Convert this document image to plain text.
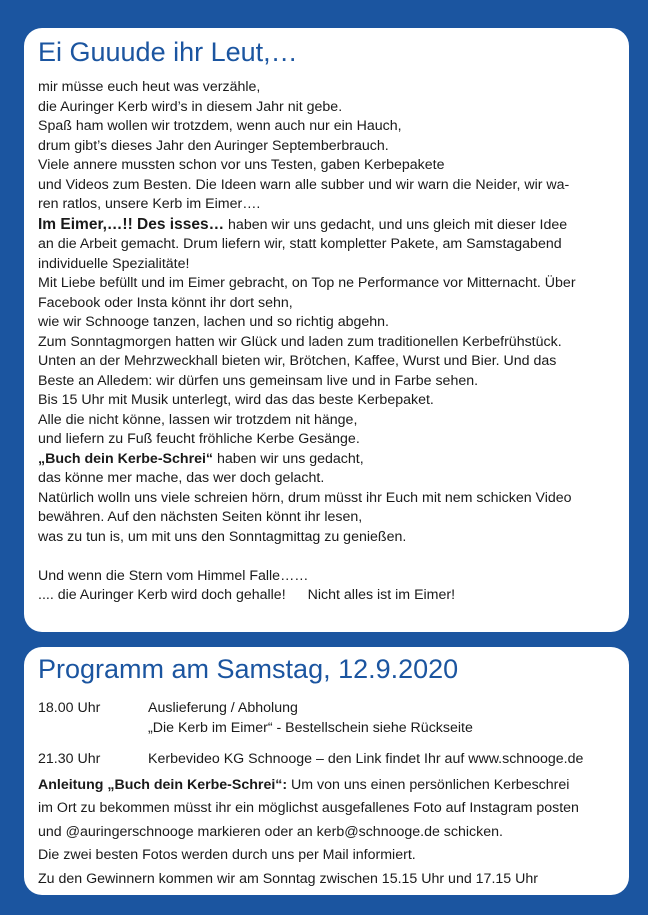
Ei Guuude ihr Leut,…
mir müsse euch heut was verzähle,
die Auringer Kerb wird’s in diesem Jahr nit gebe.
Spaß ham wollen wir trotzdem, wenn auch nur ein Hauch,
drum gibt’s dieses Jahr den Auringer Septemberbrauch.
Viele annere mussten schon vor uns Testen, gaben Kerbepakete
und Videos zum Besten. Die Ideen warn alle subber und wir warn die Neider, wir wa-
ren ratlos, unsere Kerb im Eimer….
Im Eimer,…!! Des isses… haben wir uns gedacht, und uns gleich mit dieser Idee
an die Arbeit gemacht. Drum liefern wir, statt kompletter Pakete, am Samstagabend
individuelle Spezialitäte!
Mit Liebe befüllt und im Eimer gebracht, on Top ne Performance vor Mitternacht. Über
Facebook oder Insta könnt ihr dort sehn,
wie wir Schnooge tanzen, lachen und so richtig abgehn.
Zum Sonntagmorgen hatten wir Glück und laden zum traditionellen Kerbefrühstück.
Unten an der Mehrzweckhall bieten wir, Brötchen, Kaffee, Wurst und Bier. Und das
Beste an Alledem: wir dürfen uns gemeinsam live und in Farbe sehen.
Bis 15 Uhr mit Musik unterlegt, wird das das beste Kerbepaket.
Alle die nicht könne, lassen wir trotzdem nit hänge,
und liefern zu Fuß feucht fröhliche Kerbe Gesänge.
„Buch dein Kerbe-Schrei“ haben wir uns gedacht,
das könne mer mache, das wer doch gelacht.
Natürlich wolln uns viele schreien hörn, drum müsst ihr Euch mit nem schicken Video
bewähren. Auf den nächsten Seiten könnt ihr lesen,
was zu tun is, um mit uns den Sonntagmittag zu genießen.
Und wenn die Stern vom Himmel Falle……
.... die Auringer Kerb wird doch gehalle! Nicht alles ist im Eimer!
Programm am Samstag, 12.9.2020
18.00 Uhr	Auslieferung / Abholung
„Die Kerb im Eimer“ - Bestellschein siehe Rückseite
21.30 Uhr	Kerbevideo KG Schnooge – den Link findet Ihr auf www.schnooge.de
Anleitung „Buch dein Kerbe-Schrei“: Um von uns einen persönlichen Kerbeschrei
im Ort zu bekommen müsst ihr ein möglichst ausgefallenes Foto auf Instagram posten
und @auringerschnooge markieren oder an kerb@schnooge.de schicken.
Die zwei besten Fotos werden durch uns per Mail informiert.
Zu den Gewinnern kommen wir am Sonntag zwischen 15.15 Uhr und 17.15 Uhr
